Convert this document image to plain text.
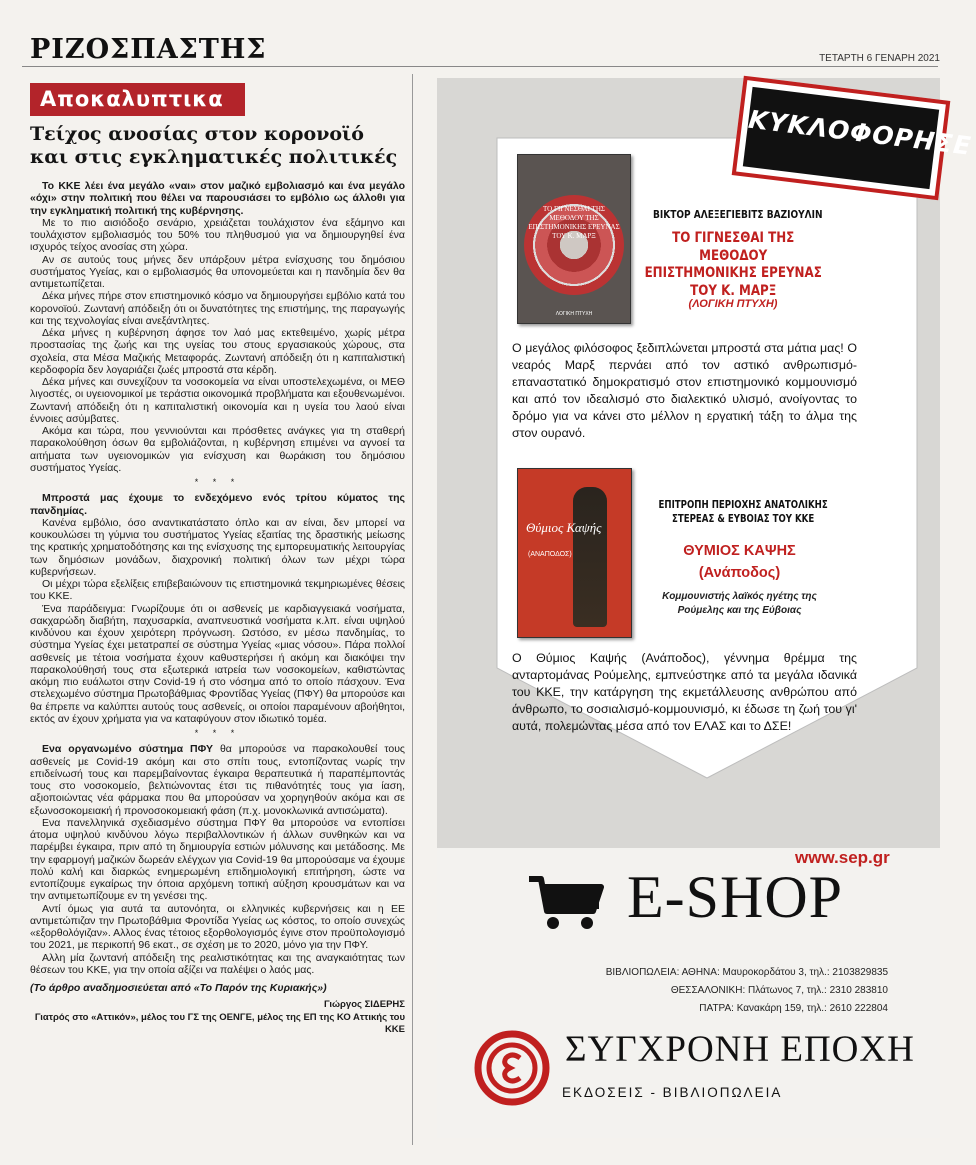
ΡΙΖΟΣΠΑΣΤΗΣ	ΤΕΤΑΡΤΗ 6 ΓΕΝΑΡΗ 2021
Αποκαλυπτικα
Τείχος ανοσίας στον κορονοϊό και στις εγκληματικές πολιτικές

Το ΚΚΕ λέει ένα μεγάλο «ναι» στον μαζικό εμβολιασμό και ένα μεγάλο «όχι» στην πολιτική που θέλει να παρουσιάσει το εμβόλιο ως άλλοθι για την εγκληματική πολιτική της κυβέρνησης.

Με το πιο αισιόδοξο σενάριο, χρειάζεται τουλάχιστον ένα εξάμηνο και τουλάχιστον εμβολιασμός του 50% του πληθυσμού για να δημιουργηθεί ένα ισχυρός τείχος ανοσίας στη χώρα.

Αν σε αυτούς τους μήνες δεν υπάρξουν μέτρα ενίσχυσης του δημόσιου συστήματος Υγείας, και ο εμβολιασμός θα υπονομεύεται και η πανδημία δεν θα αντιμετωπίζεται.

Δέκα μήνες πήρε στον επιστημονικό κόσμο να δημιουργήσει εμβόλιο κατά του κορονοϊού. Ζωντανή απόδειξη ότι οι δυνατότητες της επιστήμης, της παραγωγής και της τεχνολογίας είναι ανεξάντλητες.

Δέκα μήνες η κυβέρνηση άφησε τον λαό μας εκτεθειμένο, χωρίς μέτρα προστασίας της ζωής και της υγείας του στους εργασιακούς χώρους, στα σχολεία, στα Μέσα Μαζικής Μεταφοράς. Ζωντανή απόδειξη ότι η καπιταλιστική κερδοφορία δεν λογαριάζει ζωές μπροστά στα κέρδη.

Δέκα μήνες και συνεχίζουν τα νοσοκομεία να είναι υποστελεχωμένα, οι ΜΕΘ λιγοστές, οι υγειονομικοί με τεράστια οικονομικά προβλήματα και εξουθενωμένοι. Ζωντανή απόδειξη ότι η καπιταλιστική οικονομία και η υγεία του λαού είναι έννοιες ασύμβατες.

Ακόμα και τώρα, που γεννιούνται και πρόσθετες ανάγκες για τη σταθερή παρακολούθηση όσων θα εμβολιάζονται, η κυβέρνηση επιμένει να αγνοεί τα αιτήματα των υγειονομικών για ενίσχυση και θωράκιση του δημόσιου συστήματος Υγείας.

* * *

Μπροστά μας έχουμε το ενδεχόμενο ενός τρίτου κύματος της πανδημίας.

Κανένα εμβόλιο, όσο αναντικατάστατο όπλο και αν είναι, δεν μπορεί να κουκουλώσει τη γύμνια του συστήματος Υγείας εξαιτίας της δραστικής μείωσης της κρατικής χρηματοδότησης και της ενίσχυσης της εμπορευματικής λειτουργίας των δημόσιων μονάδων, διαχρονική πολιτική όλων των μέχρι τώρα κυβερνήσεων.

Οι μέχρι τώρα εξελίξεις επιβεβαιώνουν τις επιστημονικά τεκμηριωμένες θέσεις του ΚΚΕ.

Ένα παράδειγμα: Γνωρίζουμε ότι οι ασθενείς με καρδιαγγειακά νοσήματα, σακχαρώδη διαβήτη, παχυσαρκία, αναπνευστικά νοσήματα κ.λπ. είναι υψηλού κινδύνου και έχουν χειρότερη πρόγνωση. Ωστόσο, εν μέσω πανδημίας, το σύστημα Υγείας έχει μετατραπεί σε σύστημα Υγείας «μιας νόσου». Πάρα πολλοί ασθενείς με τέτοια νοσήματα έχουν καθυστερήσει ή ακόμη και διακόψει την παρακολούθησή τους στα εξωτερικά ιατρεία των νοσοκομείων, καθιστώντας ακόμη πιο ευάλωτοι στην Covid-19 ή στο νόσημα από το οποίο πάσχουν. Ένα στελεχωμένο σύστημα Πρωτοβάθμιας Φροντίδας Υγείας (ΠΦΥ) θα μπορούσε και θα έπρεπε να καλύπτει αυτούς τους ασθενείς, οι οποίοι παραμένουν αβοήθητοι, εκτός αν έχουν χρήματα για να καταφύγουν στον ιδιωτικό τομέα.

* * *

Ενα οργανωμένο σύστημα ΠΦΥ θα μπορούσε να παρακολουθεί τους ασθενείς με Covid-19 ακόμη και στο σπίτι τους, εντοπίζοντας νωρίς την επιδείνωσή τους και παρεμβαίνοντας έγκαιρα θεραπευτικά ή παραπέμποντάς τους στο νοσοκομείο, βελτιώνοντας έτσι τις πιθανότητές τους για ίαση, αξιοποιώντας νέα φάρμακα που θα μπορούσαν να χορηγηθούν ακόμα και σε εξωνοσοκομειακή ή προνοσοκομειακή φάση (π.χ. μονοκλωνικά αντισώματα).

Ενα πανελληνικά σχεδιασμένο σύστημα ΠΦΥ θα μπορούσε να εντοπίσει άτομα υψηλού κινδύνου λόγω περιβαλλοντικών ή άλλων συνθηκών και να παρέμβει έγκαιρα, πριν από τη δημιουργία εστιών μόλυνσης και μετάδοσης. Με την εφαρμογή μαζικών δωρεάν ελέγχων για Covid-19 θα μπορούσαμε να έχουμε πολύ καλή και διαρκώς ενημερωμένη επιδημιολογική επιτήρηση, ώστε να εντοπίζουμε εγκαίρως την όποια αρχόμενη τοπική αύξηση κρουσμάτων και να την αντιμετωπίζουμε εν τη γενέσει της.

Αντί όμως για αυτά τα αυτονόητα, οι ελληνικές κυβερνήσεις και η ΕΕ αντιμετώπιζαν την Πρωτοβάθμια Φροντίδα Υγείας ως κόστος, το οποίο συνεχώς «εξορθολόγιζαν». Αλλος ένας τέτοιος εξορθολογισμός έγινε στον προϋπολογισμό του 2021, με περικοπή 96 εκατ., σε σχέση με το 2020, μόνο για την ΠΦΥ.

Αλλη μία ζωντανή απόδειξη της ρεαλιστικότητας και της αναγκαιότητας των θέσεων του ΚΚΕ, για την οποία αξίζει να παλέψει ο λαός μας.

(Το άρθρο αναδημοσιεύεται από «Το Παρόν της Κυριακής»)

Γιώργος ΣΙΔΕΡΗΣ

Γιατρός στο «Αττικόν», μέλος του ΓΣ της ΟΕΝΓΕ, μέλος της ΕΠ της ΚΟ Αττικής του ΚΚΕ

ΚΥΚΛΟΦΟΡΗΣΕ
ΤΟ ΓΙΓΝΕΣΘΑΙ ΤΗΣ ΜΕΘΟΔΟΥ ΤΗΣ ΕΠΙΣΤΗΜΟΝΙΚΗΣ ΕΡΕΥΝΑΣ ΤΟΥ Κ. ΜΑΡΞ
ΛΟΓΙΚΗ ΠΤΥΧΗ
ΒΙΚΤΟΡ ΑΛΕΞΕΓΙΕΒΙΤΣ ΒΑΖΙΟΥΛΙΝ
ΤΟ ΓΙΓΝΕΣΘΑΙ ΤΗΣ ΜΕΘΟΔΟΥ ΕΠΙΣΤΗΜΟΝΙΚΗΣ ΕΡΕΥΝΑΣ ΤΟΥ Κ. ΜΑΡΞ
(ΛΟΓΙΚΗ ΠΤΥΧΗ)
Ο μεγάλος φιλόσοφος ξεδιπλώνεται μπροστά στα μάτια μας! Ο νεαρός Μαρξ περνάει από τον αστικό ανθρωπισμό-επαναστατικό δημοκρατισμό στον επιστημονικό κομμουνισμό και από τον ιδεαλισμό στο διαλεκτικό υλισμό, ανοίγοντας το δρόμο για να κάνει στο μέλλον η εργατική τάξη το άλμα της στον ουρανό.
Θύμιος Καψής
(ΑΝΑΠΟΔΟΣ)
ΕΠΙΤΡΟΠΗ ΠΕΡΙΟΧΗΣ ΑΝΑΤΟΛΙΚΗΣ ΣΤΕΡΕΑΣ & ΕΥΒΟΙΑΣ ΤΟΥ ΚΚΕ
ΘΥΜΙΟΣ ΚΑΨΗΣ
(Ανάποδος)
Κομμουνιστής λαϊκός ηγέτης της Ρούμελης και της Εύβοιας
Ο Θύμιος Καψής (Ανάποδος), γέννημα θρέμμα της ανταρτομάνας Ρούμελης, εμπνεύστηκε από τα μεγάλα ιδανικά του ΚΚΕ, την κατάργηση της εκμετάλλευσης ανθρώπου από άνθρωπο, το σοσιαλισμό-κομμουνισμό, κι έδωσε τη ζωή του γι' αυτά, πολεμώντας μέσα από τον ΕΛΑΣ και το ΔΣΕ!
www.sep.gr
E-SHOP
ΒΙΒΛΙΟΠΩΛΕΙΑ: ΑΘΗΝΑ: Μαυροκορδάτου 3, τηλ.: 2103829835
ΘΕΣΣΑΛΟΝΙΚΗ: Πλάτωνος 7, τηλ.: 2310 283810
ΠΑΤΡΑ: Κανακάρη 159, τηλ.: 2610 222804
ΣΥΓΧΡΟΝΗ ΕΠΟΧΗ
ΕΚΔΟΣΕΙΣ - ΒΙΒΛΙΟΠΩΛΕΙΑ
